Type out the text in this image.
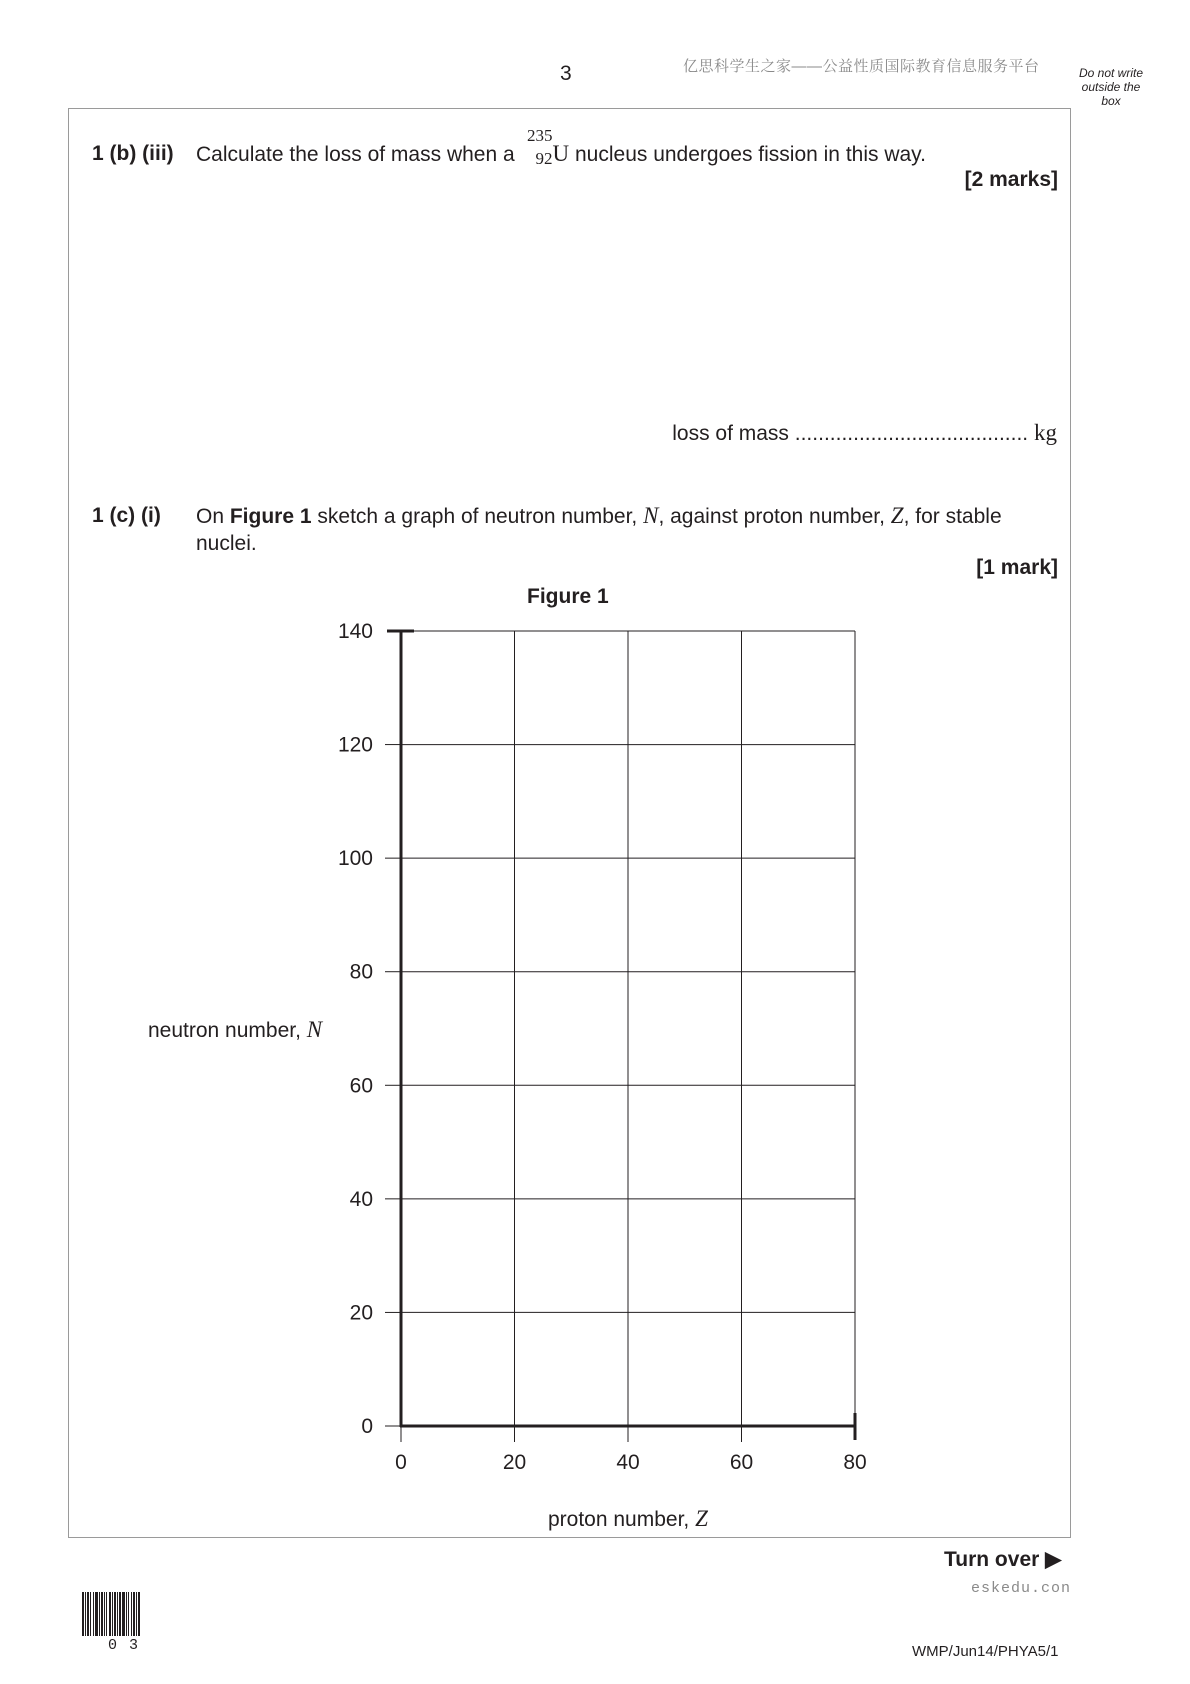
3	亿思科学生之家——公益性质国际教育信息服务平台	Do not write
outside the
box
1 (b) (iii) Calculate the loss of mass when a
235
92 U nucleus undergoes fission in this way.
[2 marks]
loss of mass ........................................ kg
1 (c) (i) On Figure 1 sketch a graph of neutron number, N, against proton number, Z, for stable
nuclei.
[1 mark]
Figure 1
0
20
40
60
80
100
120
140
0	20	40	60	80
neutron number, N
proton number, Z
Turn over ▶
eskedu.con
03	WMP/Jun14/PHYA5/1
